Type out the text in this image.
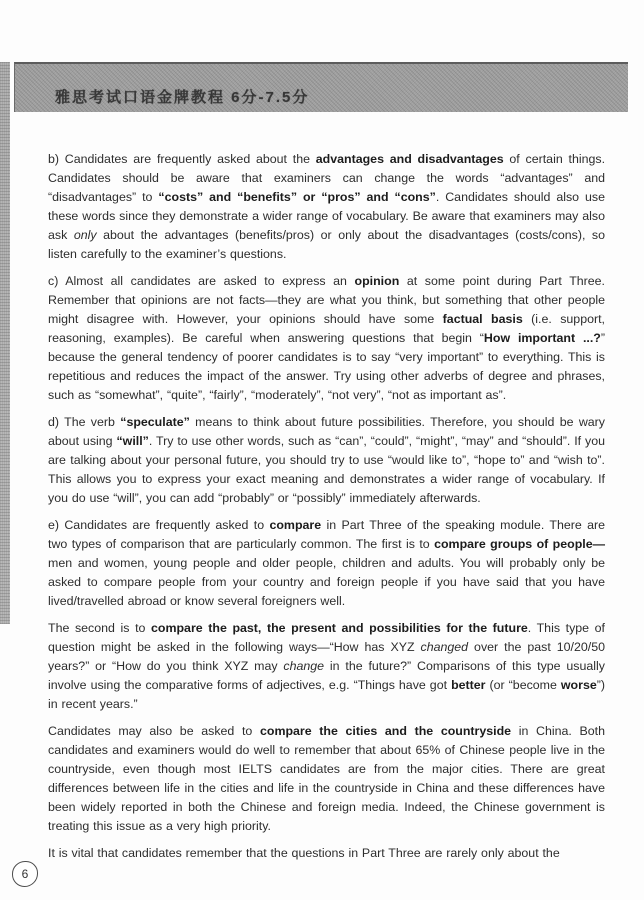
雅思考试口语金牌教程 6分-7.5分

b) Candidates are frequently asked about the advantages and disadvantages of certain things. Candidates should be aware that examiners can change the words “advantages” and “disadvantages” to “costs” and “benefits” or “pros” and “cons”. Candidates should also use these words since they demonstrate a wider range of vocabulary. Be aware that examiners may also ask only about the advantages (benefits/pros) or only about the disadvantages (costs/cons), so listen carefully to the examiner’s questions.

c) Almost all candidates are asked to express an opinion at some point during Part Three. Remember that opinions are not facts—they are what you think, but something that other people might disagree with. However, your opinions should have some factual basis (i.e. support, reasoning, examples). Be careful when answering questions that begin “How important ...?” because the general tendency of poorer candidates is to say “very important” to everything. This is repetitious and reduces the impact of the answer. Try using other adverbs of degree and phrases, such as “somewhat”, “quite”, “fairly”, “moderately”, “not very”, “not as important as”.

d) The verb “speculate” means to think about future possibilities. Therefore, you should be wary about using “will”. Try to use other words, such as “can”, “could”, “might”, “may” and “should”. If you are talking about your personal future, you should try to use “would like to”, “hope to” and “wish to”. This allows you to express your exact meaning and demonstrates a wider range of vocabulary. If you do use “will”, you can add “probably” or “possibly” immediately afterwards.

e) Candidates are frequently asked to compare in Part Three of the speaking module. There are two types of comparison that are particularly common. The first is to compare groups of people—men and women, young people and older people, children and adults. You will probably only be asked to compare people from your country and foreign people if you have said that you have lived/travelled abroad or know several foreigners well.

The second is to compare the past, the present and possibilities for the future. This type of question might be asked in the following ways—“How has XYZ changed over the past 10/20/50 years?” or “How do you think XYZ may change in the future?” Comparisons of this type usually involve using the comparative forms of adjectives, e.g. “Things have got better (or “become worse”) in recent years.”

Candidates may also be asked to compare the cities and the countryside in China. Both candidates and examiners would do well to remember that about 65% of Chinese people live in the countryside, even though most IELTS candidates are from the major cities. There are great differences between life in the cities and life in the countryside in China and these differences have been widely reported in both the Chinese and foreign media. Indeed, the Chinese government is treating this issue as a very high priority.

It is vital that candidates remember that the questions in Part Three are rarely only about the

6
